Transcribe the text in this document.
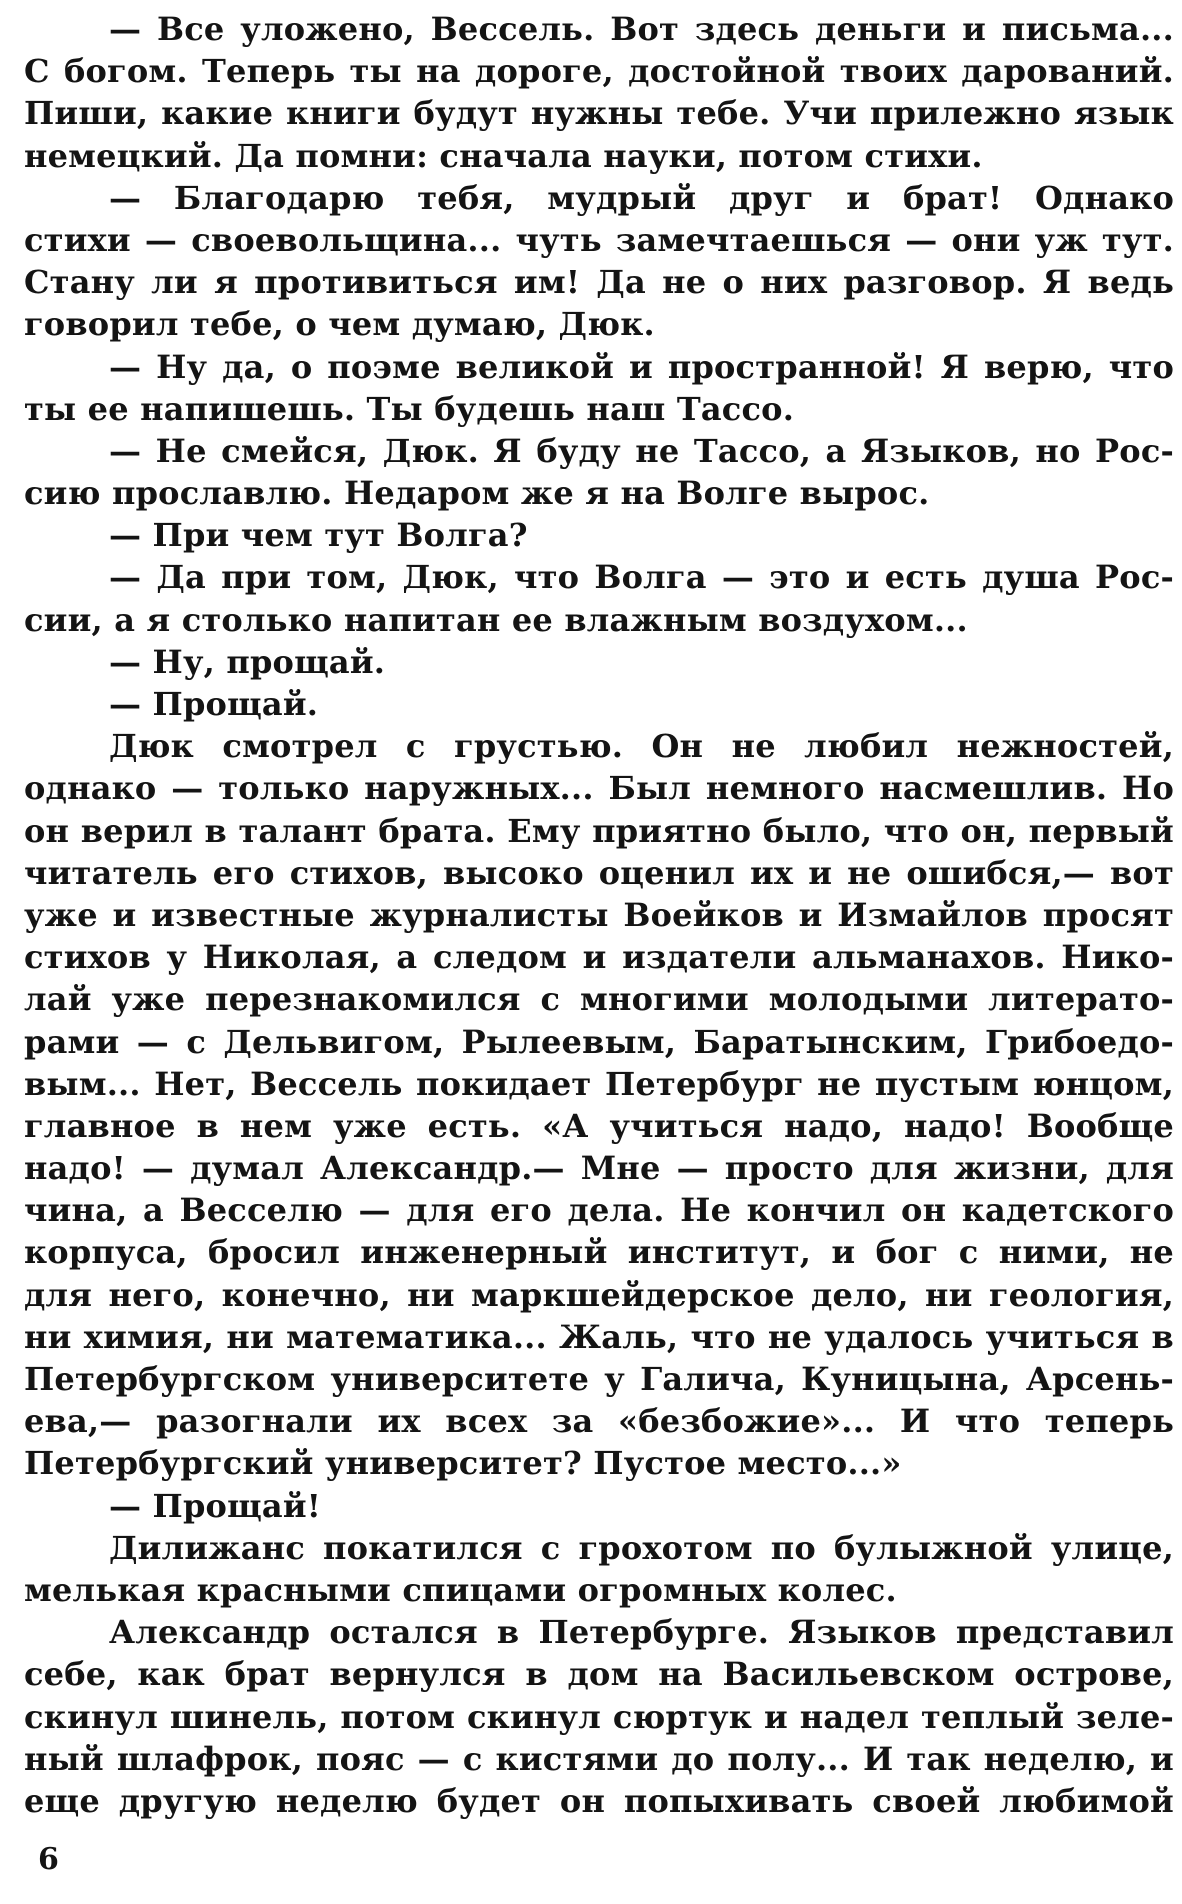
— Все уложено, Вессель. Вот здесь деньги и письма...
С богом. Теперь ты на дороге, достойной твоих дарований.
Пиши, какие книги будут нужны тебе. Учи прилежно язык
немецкий. Да помни: сначала науки, потом стихи.
— Благодарю тебя, мудрый друг и брат! Однако
стихи — своевольщина... чуть замечтаешься — они уж тут.
Стану ли я противиться им! Да не о них разговор. Я ведь
говорил тебе, о чем думаю, Дюк.
— Ну да, о поэме великой и пространной! Я верю, что
ты ее напишешь. Ты будешь наш Тассо.
— Не смейся, Дюк. Я буду не Тассо, а Языков, но Рос-
сию прославлю. Недаром же я на Волге вырос.
— При чем тут Волга?
— Да при том, Дюк, что Волга — это и есть душа Рос-
сии, а я столько напитан ее влажным воздухом...
— Ну, прощай.
— Прощай.
Дюк смотрел с грустью. Он не любил нежностей,
однако — только наружных... Был немного насмешлив. Но
он верил в талант брата. Ему приятно было, что он, первый
читатель его стихов, высоко оценил их и не ошибся,— вот
уже и известные журналисты Воейков и Измайлов просят
стихов у Николая, а следом и издатели альманахов. Нико-
лай уже перезнакомился с многими молодыми литерато-
рами — с Дельвигом, Рылеевым, Баратынским, Грибоедо-
вым... Нет, Вессель покидает Петербург не пустым юнцом,
главное в нем уже есть. «А учиться надо, надо! Вообще
надо! — думал Александр.— Мне — просто для жизни, для
чина, а Весселю — для его дела. Не кончил он кадетского
корпуса, бросил инженерный институт, и бог с ними, не
для него, конечно, ни маркшейдерское дело, ни геология,
ни химия, ни математика... Жаль, что не удалось учиться в
Петербургском университете у Галича, Куницына, Арсень-
ева,— разогнали их всех за «безбожие»... И что теперь
Петербургский университет? Пустое место...»
— Прощай!
Дилижанс покатился с грохотом по булыжной улице,
мелькая красными спицами огромных колес.
Александр остался в Петербурге. Языков представил
себе, как брат вернулся в дом на Васильевском острове,
скинул шинель, потом скинул сюртук и надел теплый зеле-
ный шлафрок, пояс — с кистями до полу... И так неделю, и
еще другую неделю будет он попыхивать своей любимой
6
